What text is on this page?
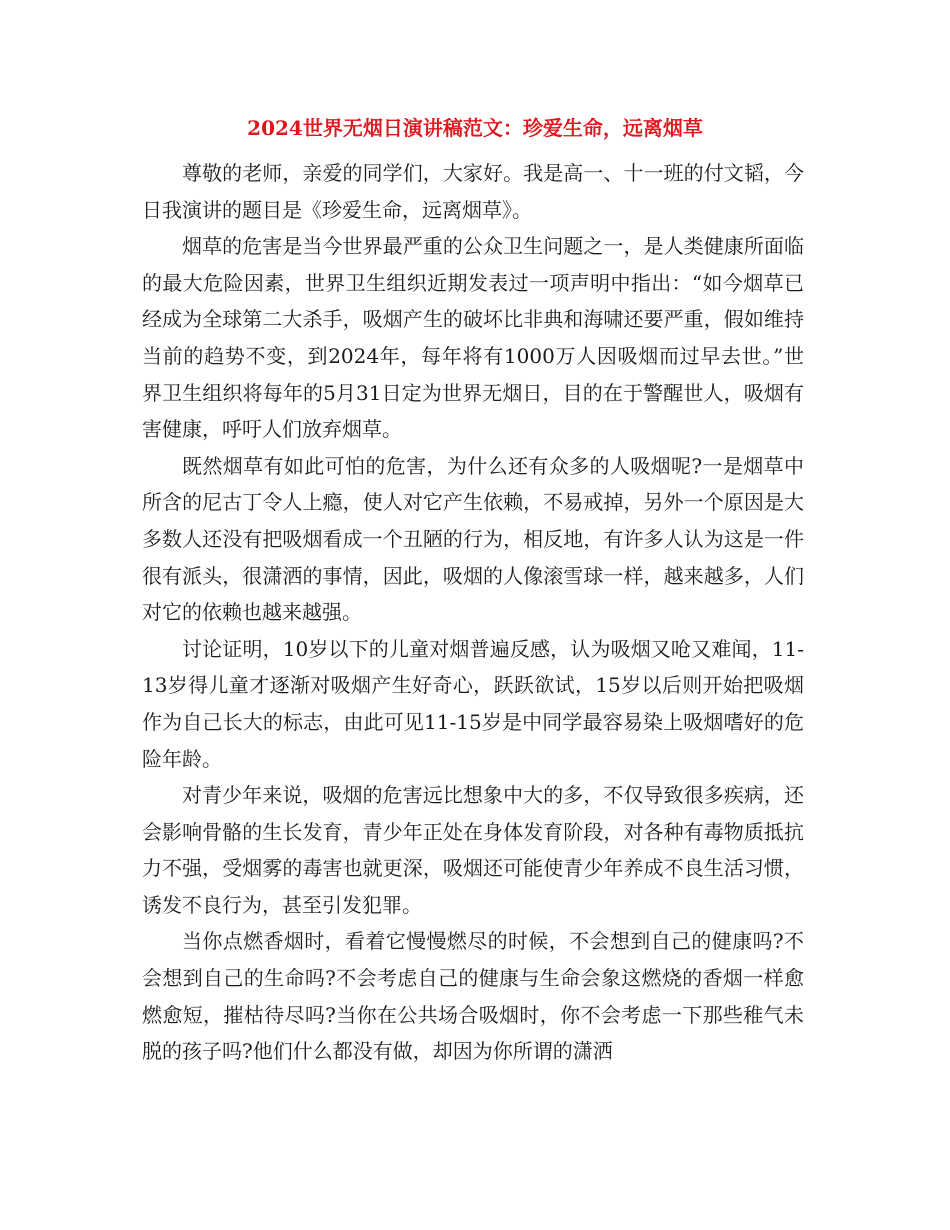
2024世界无烟日演讲稿范文：珍爱生命，远离烟草

尊敬的老师，亲爱的同学们，大家好。我是高一、十一班的付文韬，今日我演讲的题目是《珍爱生命，远离烟草》。

烟草的危害是当今世界最严重的公众卫生问题之一，是人类健康所面临的最大危险因素，世界卫生组织近期发表过一项声明中指出：“如今烟草已经成为全球第二大杀手，吸烟产生的破坏比非典和海啸还要严重，假如维持当前的趋势不变，到2024年，每年将有1000万人因吸烟而过早去世。”世界卫生组织将每年的5月31日定为世界无烟日，目的在于警醒世人，吸烟有害健康，呼吁人们放弃烟草。

既然烟草有如此可怕的危害，为什么还有众多的人吸烟呢?一是烟草中所含的尼古丁令人上瘾，使人对它产生依赖，不易戒掉，另外一个原因是大多数人还没有把吸烟看成一个丑陋的行为，相反地，有许多人认为这是一件很有派头，很潇洒的事情，因此，吸烟的人像滚雪球一样，越来越多，人们对它的依赖也越来越强。

讨论证明，10岁以下的儿童对烟普遍反感，认为吸烟又呛又难闻，11-13岁得儿童才逐渐对吸烟产生好奇心，跃跃欲试，15岁以后则开始把吸烟作为自己长大的标志，由此可见11-15岁是中同学最容易染上吸烟嗜好的危险年龄。

对青少年来说，吸烟的危害远比想象中大的多，不仅导致很多疾病，还会影响骨骼的生长发育，青少年正处在身体发育阶段，对各种有毒物质抵抗力不强，受烟雾的毒害也就更深，吸烟还可能使青少年养成不良生活习惯，诱发不良行为，甚至引发犯罪。

当你点燃香烟时，看着它慢慢燃尽的时候，不会想到自己的健康吗?不会想到自己的生命吗?不会考虑自己的健康与生命会象这燃烧的香烟一样愈燃愈短，摧枯待尽吗?当你在公共场合吸烟时，你不会考虑一下那些稚气未脱的孩子吗?他们什么都没有做，却因为你所谓的潇洒
